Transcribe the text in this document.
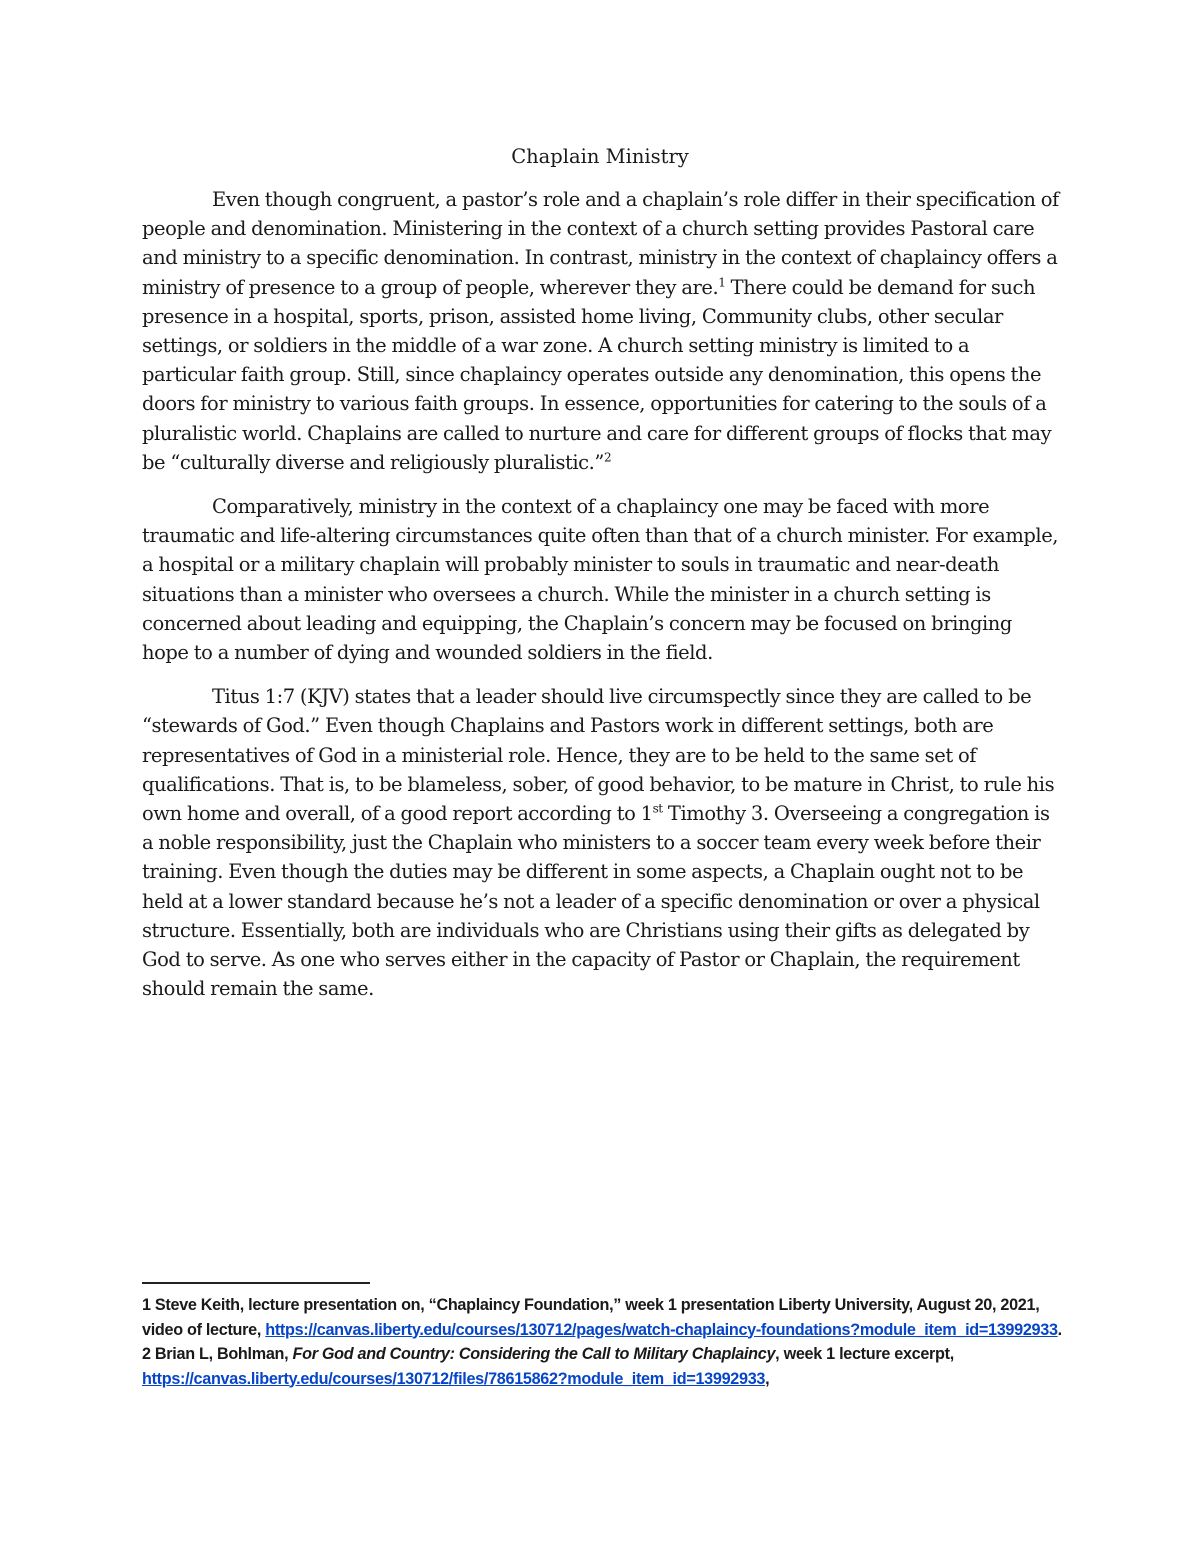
Chaplain Ministry

Even though congruent, a pastor’s role and a chaplain’s role differ in their specification of people and denomination. Ministering in the context of a church setting provides Pastoral care and ministry to a specific denomination. In contrast, ministry in the context of chaplaincy offers a ministry of presence to a group of people, wherever they are.$^1$ There could be demand for such presence in a hospital, sports, prison, assisted home living, Community clubs, other secular settings, or soldiers in the middle of a war zone. A church setting ministry is limited to a particular faith group. Still, since chaplaincy operates outside any denomination, this opens the doors for ministry to various faith groups. In essence, opportunities for catering to the souls of a pluralistic world. Chaplains are called to nurture and care for different groups of flocks that may be “culturally diverse and religiously pluralistic.”$^2$

Comparatively, ministry in the context of a chaplaincy one may be faced with more traumatic and life-altering circumstances quite often than that of a church minister. For example, a hospital or a military chaplain will probably minister to souls in traumatic and near-death situations than a minister who oversees a church. While the minister in a church setting is concerned about leading and equipping, the Chaplain’s concern may be focused on bringing hope to a number of dying and wounded soldiers in the field.

Titus 1:7 (KJV) states that a leader should live circumspectly since they are called to be “stewards of God.” Even though Chaplains and Pastors work in different settings, both are representatives of God in a ministerial role. Hence, they are to be held to the same set of qualifications. That is, to be blameless, sober, of good behavior, to be mature in Christ, to rule his own home and overall, of a good report according to 1st Timothy 3. Overseeing a congregation is a noble responsibility, just the Chaplain who ministers to a soccer team every week before their training. Even though the duties may be different in some aspects, a Chaplain ought not to be held at a lower standard because he’s not a leader of a specific denomination or over a physical structure. Essentially, both are individuals who are Christians using their gifts as delegated by God to serve. As one who serves either in the capacity of Pastor or Chaplain, the requirement should remain the same.

1 Steve Keith, lecture presentation on, “Chaplaincy Foundation,” week 1 presentation Liberty University, August 20, 2021, video of lecture, https://canvas.liberty.edu/courses/130712/pages/watch-chaplaincy-foundations?module_item_id=13992933.

2 Brian L, Bohlman, For God and Country: Considering the Call to Military Chaplaincy, week 1 lecture excerpt, https://canvas.liberty.edu/courses/130712/files/78615862?module_item_id=13992933,
